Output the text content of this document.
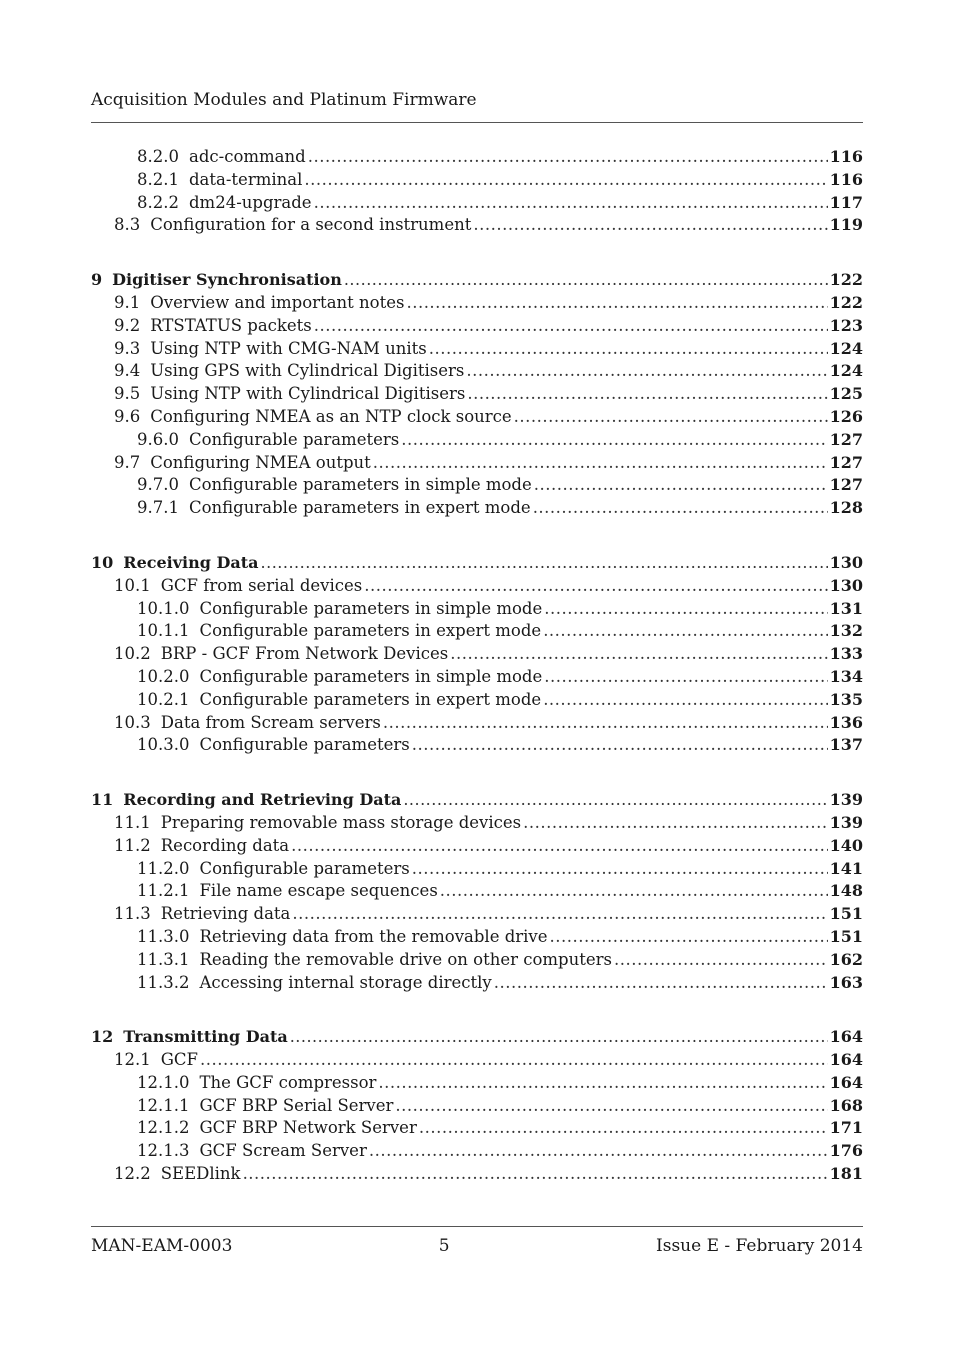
Acquisition Modules and Platinum Firmware
8.2.0 adc-command .....	116
8.2.1 data-terminal .....	116
8.2.2 dm24-upgrade .....	117
8.3 Configuration for a second instrument .....	119
9 Digitiser Synchronisation .....	122
9.1 Overview and important notes .....	122
9.2 RTSTATUS packets .....	123
9.3 Using NTP with CMG-NAM units .....	124
9.4 Using GPS with Cylindrical Digitisers .....	124
9.5 Using NTP with Cylindrical Digitisers .....	125
9.6 Configuring NMEA as an NTP clock source .....	126
9.6.0 Configurable parameters .....	127
9.7 Configuring NMEA output .....	127
9.7.0 Configurable parameters in simple mode .....	127
9.7.1 Configurable parameters in expert mode .....	128
10 Receiving Data .....	130
10.1 GCF from serial devices .....	130
10.1.0 Configurable parameters in simple mode .....	131
10.1.1 Configurable parameters in expert mode .....	132
10.2 BRP - GCF From Network Devices .....	133
10.2.0 Configurable parameters in simple mode .....	134
10.2.1 Configurable parameters in expert mode .....	135
10.3 Data from Scream servers .....	136
10.3.0 Configurable parameters .....	137
11 Recording and Retrieving Data .....	139
11.1 Preparing removable mass storage devices .....	139
11.2 Recording data .....	140
11.2.0 Configurable parameters .....	141
11.2.1 File name escape sequences .....	148
11.3 Retrieving data .....	151
11.3.0 Retrieving data from the removable drive .....	151
11.3.1 Reading the removable drive on other computers .....	162
11.3.2 Accessing internal storage directly .....	163
12 Transmitting Data .....	164
12.1 GCF .....	164
12.1.0 The GCF compressor .....	164
12.1.1 GCF BRP Serial Server .....	168
12.1.2 GCF BRP Network Server .....	171
12.1.3 GCF Scream Server .....	176
12.2 SEEDlink .....	181
MAN-EAM-0003	5	Issue E - February 2014
